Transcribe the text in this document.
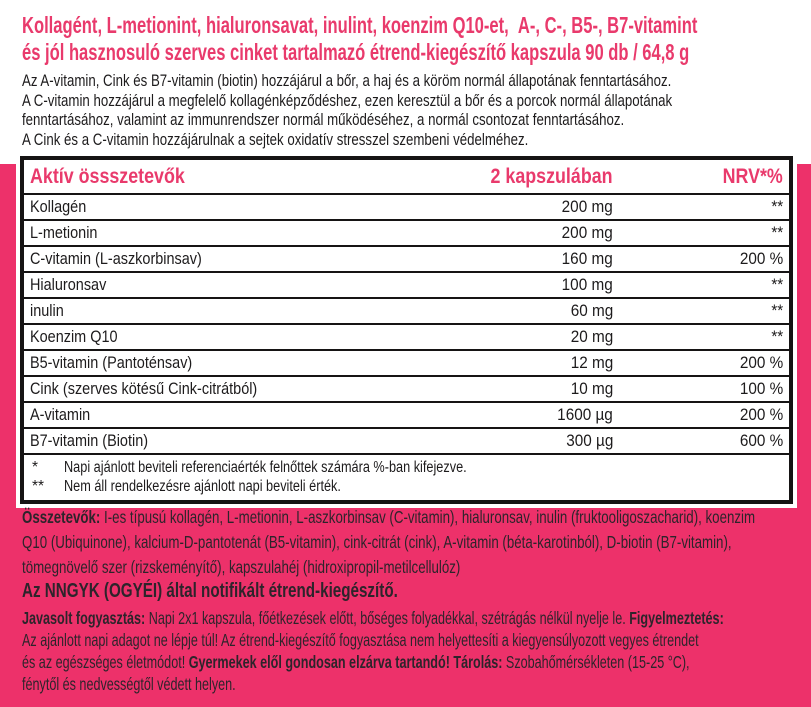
Kollagént, L-metionint, hialuronsavat, inulint, koenzim Q10-et,  A-, C-, B5-, B7-vitamint
és jól hasznosuló szerves cinket tartalmazó étrend-kiegészítő kapszula 90 db / 64,8 g
Az A-vitamin, Cink és B7-vitamin (biotin) hozzájárul a bőr, a haj és a köröm normál állapotának fenntartásához.
A C-vitamin hozzájárul a megfelelő kollagénképződéshez, ezen keresztül a bőr és a porcok normál állapotának
fenntartásához, valamint az immunrendszer normál működéséhez, a normál csontozat fenntartásához.
A Cink és a C-vitamin hozzájárulnak a sejtek oxidatív stresszel szembeni védelméhez.
Aktív össszetevők	2 kapszulában	NRV*%
Kollagén	200 mg	**
L-metionin	200 mg	**
C-vitamin (L-aszkorbinsav)	160 mg	200 %
Hialuronsav	100 mg	**
inulin	60 mg	**
Koenzim Q10	20 mg	**
B5-vitamin (Pantoténsav)	12 mg	200 %
Cink (szerves kötésű Cink-citrátból)	10 mg	100 %
A-vitamin	1600 µg	200 %
B7-vitamin (Biotin)	300 µg	600 %
*	Napi ajánlott beviteli referenciaérték felnőttek számára %-ban kifejezve.
**	Nem áll rendelkezésre ajánlott napi beviteli érték.
Összetevők: I-es típusú kollagén, L-metionin, L-aszkorbinsav (C-vitamin), hialuronsav, inulin (fruktooligoszacharid), koenzim
Q10 (Ubiquinone), kalcium-D-pantotenát (B5-vitamin), cink-citrát (cink), A-vitamin (béta-karotinból), D-biotin (B7-vitamin),
tömegnövelő szer (rizskeményítő), kapszulahéj (hidroxipropil-metilcellulóz)
Az NNGYK (OGYÉI) által notifikált étrend-kiegészítő.
Javasolt fogyasztás: Napi 2x1 kapszula, főétkezések előtt, bőséges folyadékkal, szétrágás nélkül nyelje le. Figyelmeztetés:
Az ajánlott napi adagot ne lépje túl! Az étrend-kiegészítő fogyasztása nem helyettesíti a kiegyensúlyozott vegyes étrendet
és az egészséges életmódot! Gyermekek elől gondosan elzárva tartandó! Tárolás: Szobahőmérsékleten (15-25 °C),
fénytől és nedvességtől védett helyen.
